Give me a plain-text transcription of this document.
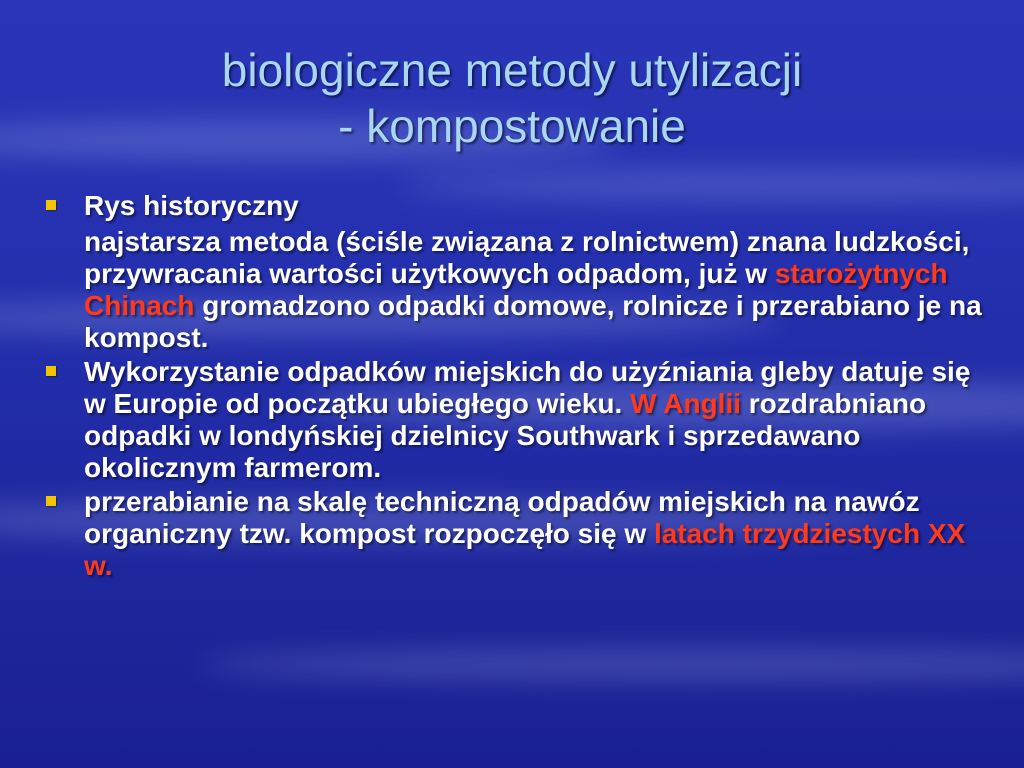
biologiczne metody utylizacji
- kompostowanie
Rys historyczny
najstarsza metoda (ściśle związana z rolnictwem) znana ludzkości, przywracania wartości użytkowych odpadom, już w starożytnych Chinach gromadzono odpadki domowe, rolnicze i przerabiano je na kompost.
Wykorzystanie odpadków miejskich do użyźniania gleby datuje się w Europie od początku ubiegłego wieku. W Anglii rozdrabniano odpadki w londyńskiej dzielnicy Southwark i sprzedawano okolicznym farmerom.
przerabianie na skalę techniczną odpadów miejskich na nawóz organiczny tzw. kompost rozpoczęło się w latach trzydziestych XX w.
